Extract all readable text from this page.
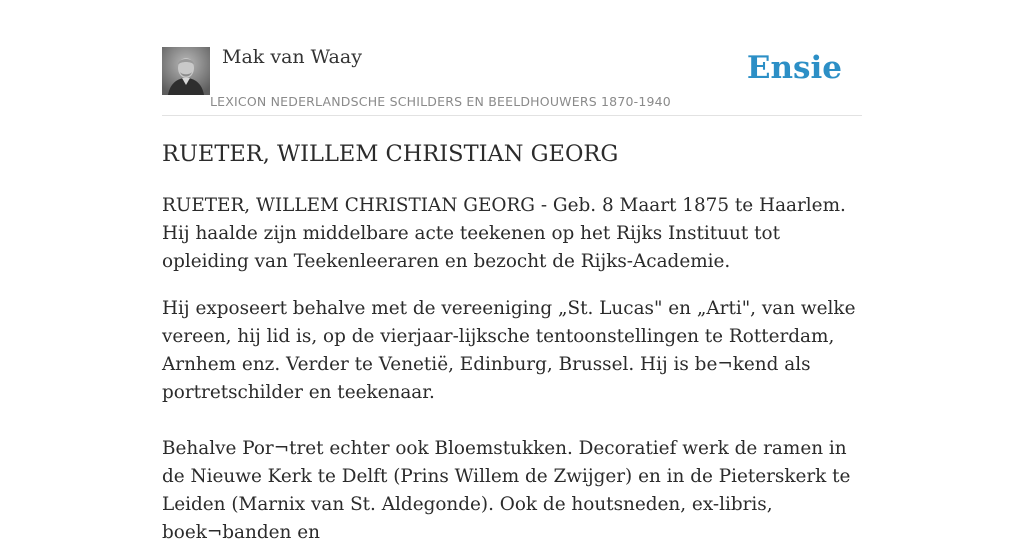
Mak van Waay
LEXICON NEDERLANDSCHE SCHILDERS EN BEELDHOUWERS 1870-1940
Ensie
RUETER, WILLEM CHRISTIAN GEORG

RUETER, WILLEM CHRISTIAN GEORG - Geb. 8 Maart 1875 te Haarlem. Hij haalde zijn middelbare acte teekenen op het Rijks Instituut tot opleiding van Teekenleeraren en bezocht de Rijks-Academie.

Hij exposeert behalve met de vereeniging „St. Lucas" en „Arti", van welke vereen, hij lid is, op de vierjaar-lijksche tentoonstellingen te Rotterdam, Arnhem enz. Verder te Venetië, Edinburg, Brussel. Hij is be¬kend als portretschilder en teekenaar.

Behalve Por¬tret echter ook Bloemstukken. Decoratief werk de ramen in de Nieuwe Kerk te Delft (Prins Willem de Zwijger) en in de Pieterskerk te Leiden (Marnix van St. Aldegonde). Ook de houtsneden, ex-libris, boek¬banden en
